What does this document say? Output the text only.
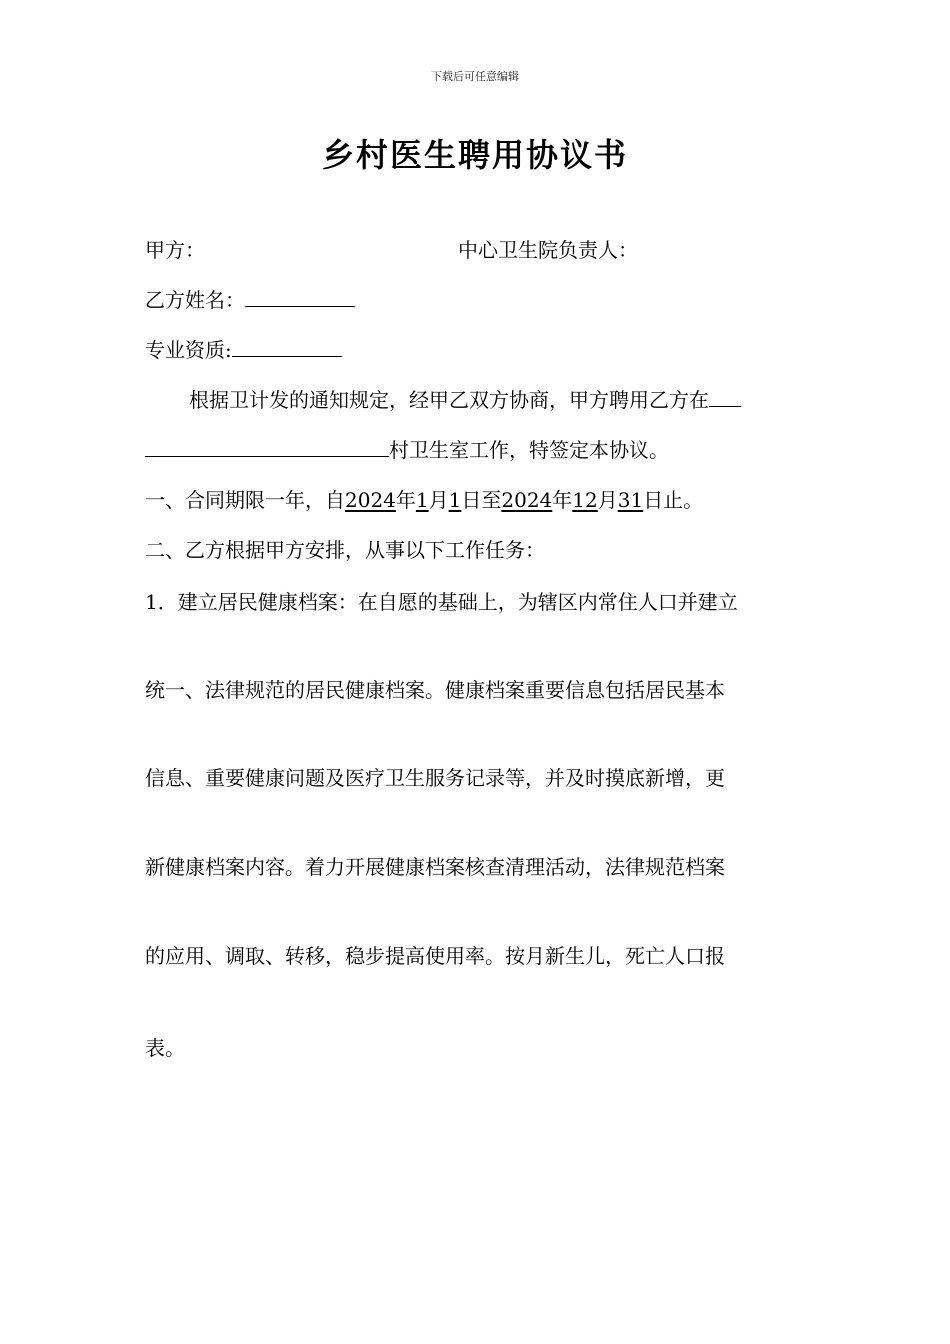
下载后可任意编辑
乡村医生聘用协议书
甲方：	中心卫生院负责人：
乙方姓名：
专业资质:
根据卫计发的通知规定，经甲乙双方协商，甲方聘用乙方在
村卫生室工作，特签定本协议。
一、合同期限一年，自2024年1月1日至2024年12月31日止。
二、乙方根据甲方安排，从事以下工作任务：
1．建立居民健康档案：在自愿的基础上，为辖区内常住人口并建立
统一、法律规范的居民健康档案。健康档案重要信息包括居民基本
信息、重要健康问题及医疗卫生服务记录等，并及时摸底新增，更
新健康档案内容。着力开展健康档案核查清理活动，法律规范档案
的应用、调取、转移，稳步提高使用率。按月新生儿，死亡人口报
表。
